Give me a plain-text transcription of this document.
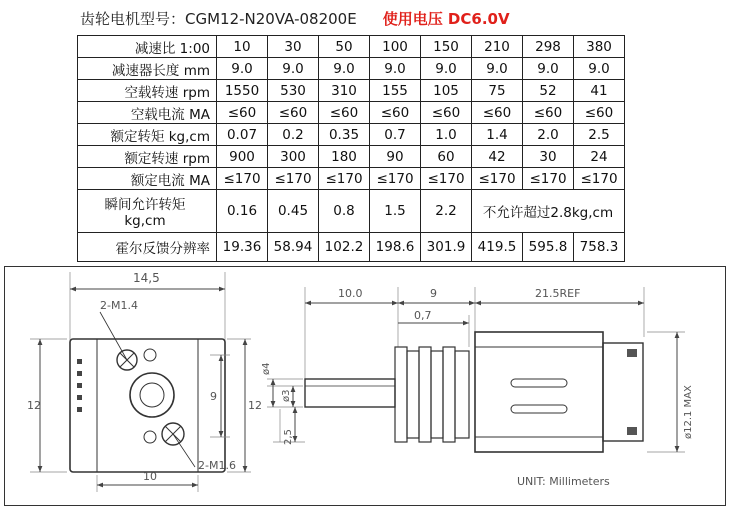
齿轮电机型号：CGM12-N20VA-08200E 使用电压 DC6.0V
减速比 1:00	10	30	50	100	150	210	298	380
减速器长度 mm	9.0	9.0	9.0	9.0	9.0	9.0	9.0	9.0
空载转速 rpm	1550	530	310	155	105	75	52	41
空载电流 MA	≤60	≤60	≤60	≤60	≤60	≤60	≤60	≤60
额定转矩 kg,cm	0.07	0.2	0.35	0.7	1.0	1.4	2.0	2.5
额定转速 rpm	900	300	180	90	60	42	30	24
额定电流 MA	≤170	≤170	≤170	≤170	≤170	≤170	≤170	≤170

瞬间允许转矩
kg,cm	0.16	0.45	0.8	1.5	2.2	不允许超过2.8kg,cm		
霍尔反馈分辨率	19.36	58.94	102.2	198.6	301.9	419.5	595.8	758.3
14,5
2-M1.4
2-M1.6
12	12
9
10
10.0	9
0,7
21.5REF
ø4
ø3
2,5	ø12.1 MAX
UNIT: Millimeters
